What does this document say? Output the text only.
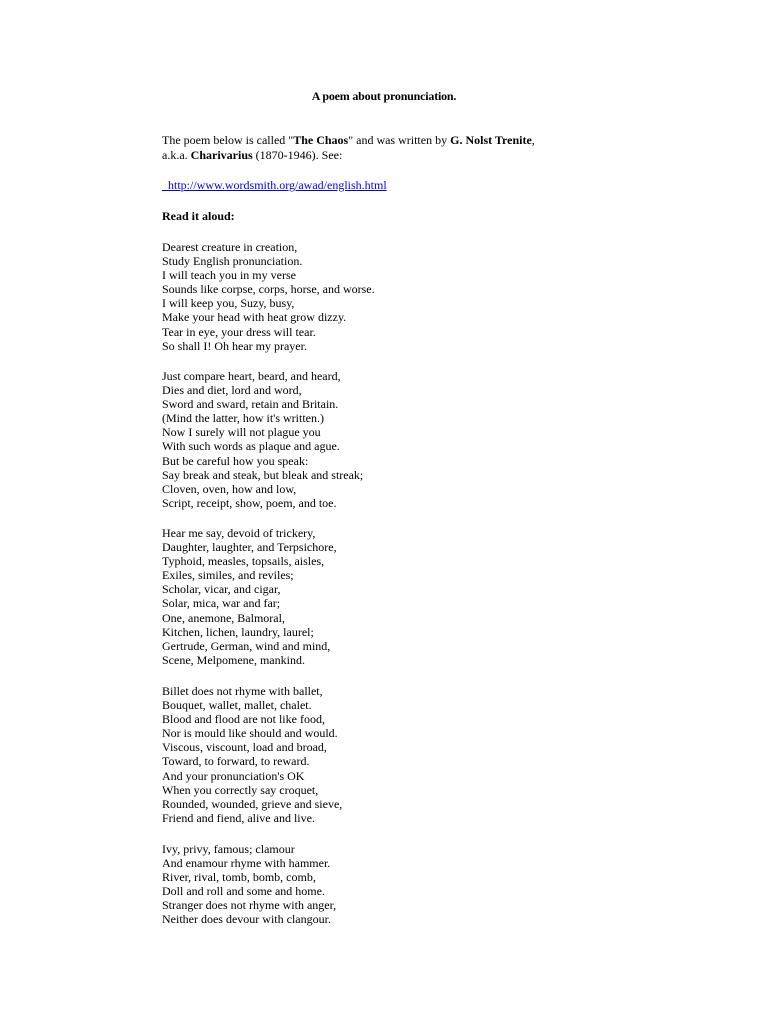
A poem about pronunciation.
The poem below is called "The Chaos" and was written by G. Nolst Trenite,
a.k.a. Charivarius (1870-1946). See:
http://www.wordsmith.org/awad/english.html
Read it aloud:
Dearest creature in creation,
Study English pronunciation.
I will teach you in my verse
Sounds like corpse, corps, horse, and worse.
I will keep you, Suzy, busy,
Make your head with heat grow dizzy.
Tear in eye, your dress will tear.
So shall I! Oh hear my prayer.
Just compare heart, beard, and heard,
Dies and diet, lord and word,
Sword and sward, retain and Britain.
(Mind the latter, how it's written.)
Now I surely will not plague you
With such words as plaque and ague.
But be careful how you speak:
Say break and steak, but bleak and streak;
Cloven, oven, how and low,
Script, receipt, show, poem, and toe.
Hear me say, devoid of trickery,
Daughter, laughter, and Terpsichore,
Typhoid, measles, topsails, aisles,
Exiles, similes, and reviles;
Scholar, vicar, and cigar,
Solar, mica, war and far;
One, anemone, Balmoral,
Kitchen, lichen, laundry, laurel;
Gertrude, German, wind and mind,
Scene, Melpomene, mankind.
Billet does not rhyme with ballet,
Bouquet, wallet, mallet, chalet.
Blood and flood are not like food,
Nor is mould like should and would.
Viscous, viscount, load and broad,
Toward, to forward, to reward.
And your pronunciation's OK
When you correctly say croquet,
Rounded, wounded, grieve and sieve,
Friend and fiend, alive and live.
Ivy, privy, famous; clamour
And enamour rhyme with hammer.
River, rival, tomb, bomb, comb,
Doll and roll and some and home.
Stranger does not rhyme with anger,
Neither does devour with clangour.
